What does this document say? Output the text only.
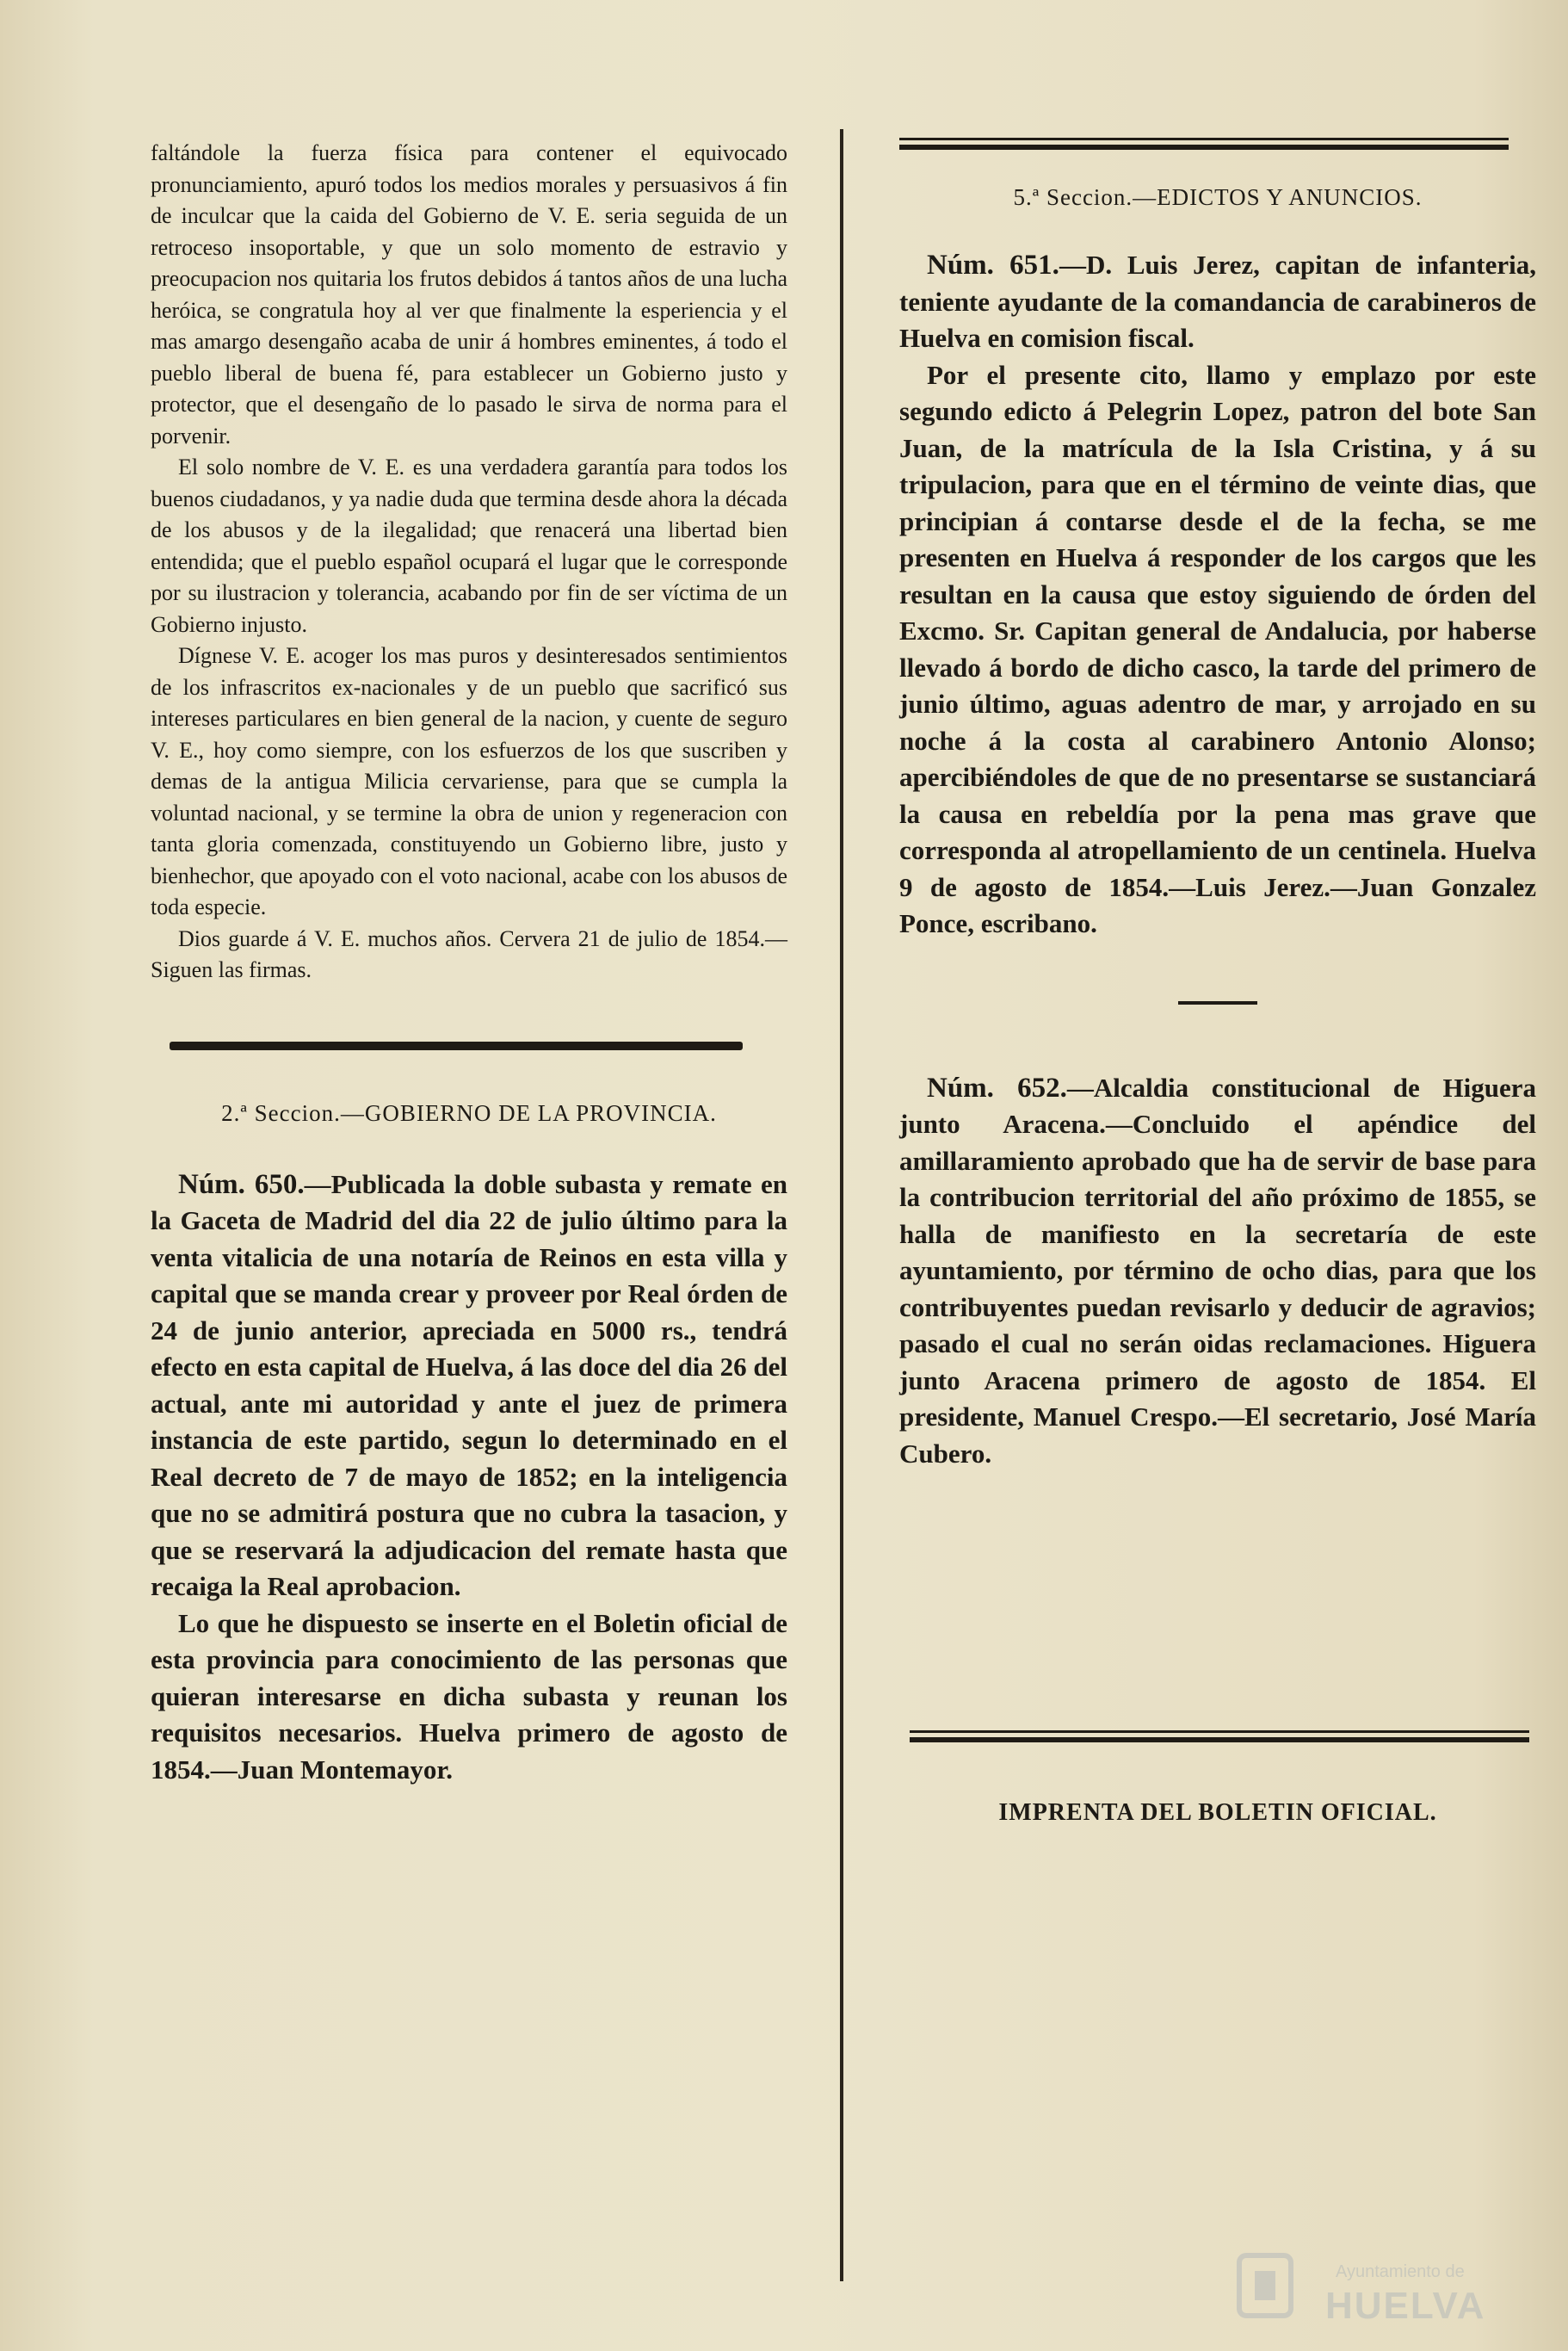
faltándole la fuerza física para contener el equivocado pronunciamiento, apuró todos los medios morales y persuasivos á fin de inculcar que la caida del Gobierno de V. E. seria seguida de un retroceso insoportable, y que un solo momento de estravio y preocupacion nos quitaria los frutos debidos á tantos años de una lucha heróica, se congratula hoy al ver que finalmente la esperiencia y el mas amargo desengaño acaba de unir á hombres eminentes, á todo el pueblo liberal de buena fé, para establecer un Gobierno justo y protector, que el desengaño de lo pasado le sirva de norma para el porvenir.

El solo nombre de V. E. es una verdadera garantía para todos los buenos ciudadanos, y ya nadie duda que termina desde ahora la década de los abusos y de la ilegalidad; que renacerá una libertad bien entendida; que el pueblo español ocupará el lugar que le corresponde por su ilustracion y tolerancia, acabando por fin de ser víctima de un Gobierno injusto.

Dígnese V. E. acoger los mas puros y desinteresados sentimientos de los infrascritos ex-nacionales y de un pueblo que sacrificó sus intereses particulares en bien general de la nacion, y cuente de seguro V. E., hoy como siempre, con los esfuerzos de los que suscriben y demas de la antigua Milicia cervariense, para que se cumpla la voluntad nacional, y se termine la obra de union y regeneracion con tanta gloria comenzada, constituyendo un Gobierno libre, justo y bienhechor, que apoyado con el voto nacional, acabe con los abusos de toda especie.

Dios guarde á V. E. muchos años. Cervera 21 de julio de 1854.—Siguen las firmas.

2.ª Seccion.—GOBIERNO DE LA PROVINCIA.

Núm. 650.—Publicada la doble subasta y remate en la Gaceta de Madrid del dia 22 de julio último para la venta vitalicia de una notaría de Reinos en esta villa y capital que se manda crear y proveer por Real órden de 24 de junio anterior, apreciada en 5000 rs., tendrá efecto en esta capital de Huelva, á las doce del dia 26 del actual, ante mi autoridad y ante el juez de primera instancia de este partido, segun lo determinado en el Real decreto de 7 de mayo de 1852; en la inteligencia que no se admitirá postura que no cubra la tasacion, y que se reservará la adjudicacion del remate hasta que recaiga la Real aprobacion.

Lo que he dispuesto se inserte en el Boletin oficial de esta provincia para conocimiento de las personas que quieran interesarse en dicha subasta y reunan los requisitos necesarios. Huelva primero de agosto de 1854.—Juan Montemayor.

5.ª Seccion.—EDICTOS Y ANUNCIOS.

Núm. 651.—D. Luis Jerez, capitan de infanteria, teniente ayudante de la comandancia de carabineros de Huelva en comision fiscal.

Por el presente cito, llamo y emplazo por este segundo edicto á Pelegrin Lopez, patron del bote San Juan, de la matrícula de la Isla Cristina, y á su tripulacion, para que en el término de veinte dias, que principian á contarse desde el de la fecha, se me presenten en Huelva á responder de los cargos que les resultan en la causa que estoy siguiendo de órden del Excmo. Sr. Capitan general de Andalucia, por haberse llevado á bordo de dicho casco, la tarde del primero de junio último, aguas adentro de mar, y arrojado en su noche á la costa al carabinero Antonio Alonso; apercibiéndoles de que de no presentarse se sustanciará la causa en rebeldía por la pena mas grave que corresponda al atropellamiento de un centinela. Huelva 9 de agosto de 1854.—Luis Jerez.—Juan Gonzalez Ponce, escribano.

Núm. 652.—Alcaldia constitucional de Higuera junto Aracena.—Concluido el apéndice del amillaramiento aprobado que ha de servir de base para la contribucion territorial del año próximo de 1855, se halla de manifiesto en la secretaría de este ayuntamiento, por término de ocho dias, para que los contribuyentes puedan revisarlo y deducir de agravios; pasado el cual no serán oidas reclamaciones. Higuera junto Aracena primero de agosto de 1854. El presidente, Manuel Crespo.—El secretario, José María Cubero.

IMPRENTA DEL BOLETIN OFICIAL.
Ayuntamiento de
HUELVA
